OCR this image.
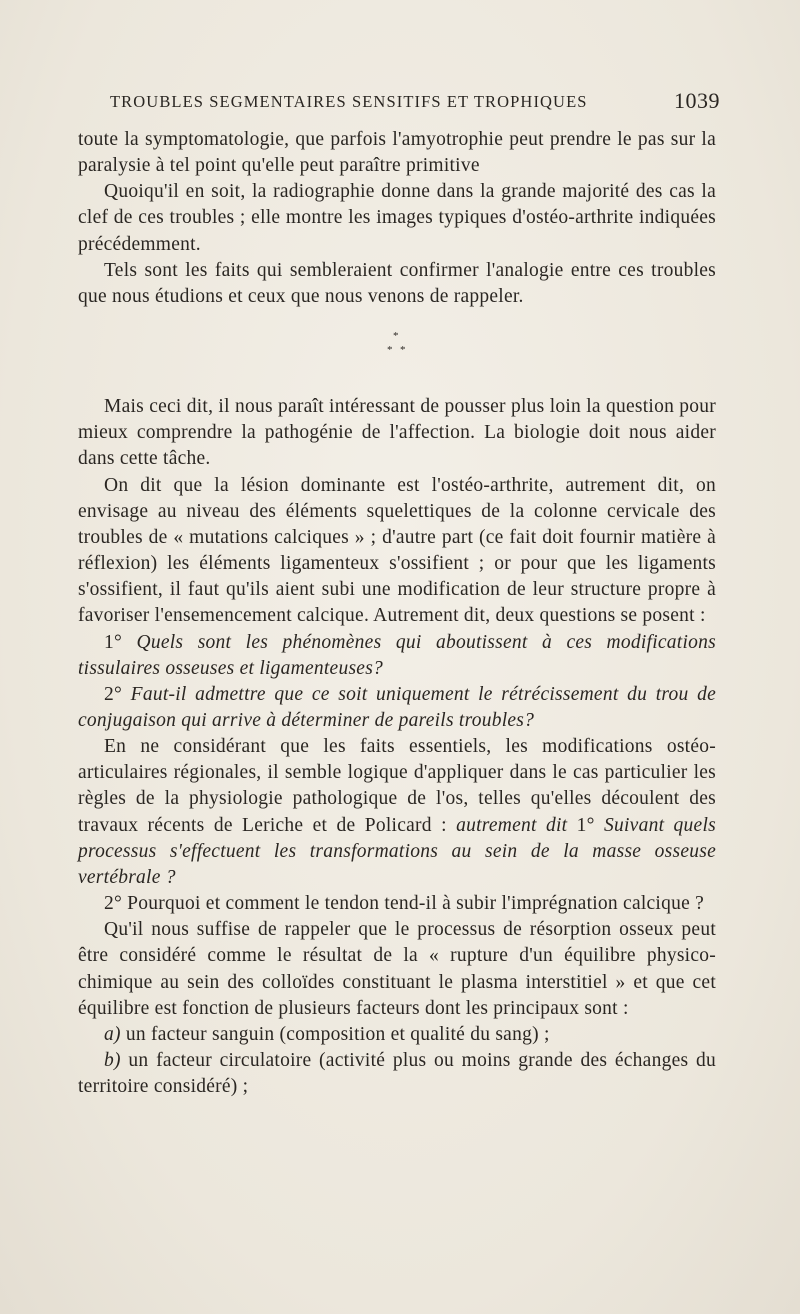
TROUBLES SEGMENTAIRES SENSITIFS ET TROPHIQUES	1039

toute la symptomatologie, que parfois l'amyotrophie peut prendre le pas sur la paralysie à tel point qu'elle peut paraître primitive

Quoiqu'il en soit, la radiographie donne dans la grande majorité des cas la clef de ces troubles ; elle montre les images typiques d'ostéo-arthrite indiquées précédemment.

Tels sont les faits qui sembleraient confirmer l'analogie entre ces troubles que nous étudions et ceux que nous venons de rappeler.

*
* *

Mais ceci dit, il nous paraît intéressant de pousser plus loin la question pour mieux comprendre la pathogénie de l'affection. La biologie doit nous aider dans cette tâche.

On dit que la lésion dominante est l'ostéo-arthrite, autrement dit, on envisage au niveau des éléments squelettiques de la colonne cervicale des troubles de « mutations calciques » ; d'autre part (ce fait doit fournir matière à réflexion) les éléments ligamenteux s'ossifient ; or pour que les ligaments s'ossifient, il faut qu'ils aient subi une modification de leur structure propre à favoriser l'ensemencement calcique. Autrement dit, deux questions se posent :

1° Quels sont les phénomènes qui aboutissent à ces modifications tissulaires osseuses et ligamenteuses?

2° Faut-il admettre que ce soit uniquement le rétrécissement du trou de conjugaison qui arrive à déterminer de pareils troubles?

En ne considérant que les faits essentiels, les modifications ostéo-articulaires régionales, il semble logique d'appliquer dans le cas particulier les règles de la physiologie pathologique de l'os, telles qu'elles découlent des travaux récents de Leriche et de Policard : autrement dit 1° Suivant quels processus s'effectuent les transformations au sein de la masse osseuse vertébrale ?

2° Pourquoi et comment le tendon tend-il à subir l'imprégnation calcique ?

Qu'il nous suffise de rappeler que le processus de résorption osseux peut être considéré comme le résultat de la « rupture d'un équilibre physico-chimique au sein des colloïdes constituant le plasma interstitiel » et que cet équilibre est fonction de plusieurs facteurs dont les principaux sont :

a) un facteur sanguin (composition et qualité du sang) ;

b) un facteur circulatoire (activité plus ou moins grande des échanges du territoire considéré) ;
